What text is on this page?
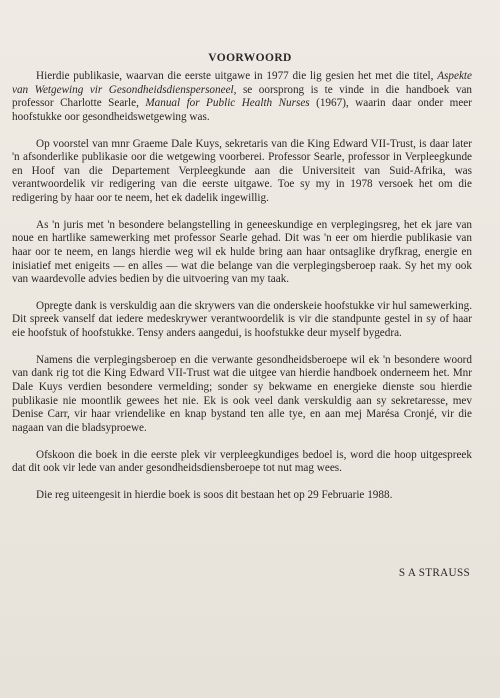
VOORWOORD

Hierdie publikasie, waarvan die eerste uitgawe in 1977 die lig gesien het met die titel, Aspekte van Wetgewing vir Gesondheidsdienspersoneel, se oorsprong is te vinde in die handboek van professor Charlotte Searle, Manual for Public Health Nurses (1967), waarin daar onder meer hoofstukke oor gesondheidswetgewing was.

Op voorstel van mnr Graeme Dale Kuys, sekretaris van die King Edward VII-Trust, is daar later 'n afsonderlike publikasie oor die wetgewing voorberei. Professor Searle, professor in Verpleegkunde en Hoof van die Departement Verpleegkunde aan die Universiteit van Suid-Afrika, was verantwoordelik vir redigering van die eerste uitgawe. Toe sy my in 1978 versoek het om die redigering by haar oor te neem, het ek dadelik ingewillig.

As 'n juris met 'n besondere belangstelling in geneeskundige en verplegingsreg, het ek jare van noue en hartlike samewerking met professor Searle gehad. Dit was 'n eer om hierdie publikasie van haar oor te neem, en langs hierdie weg wil ek hulde bring aan haar ontsaglike dryfkrag, energie en inisiatief met enigeits — en alles — wat die belange van die verplegingsberoep raak. Sy het my ook van waardevolle advies bedien by die uitvoering van my taak.

Opregte dank is verskuldig aan die skrywers van die onderskeie hoofstukke vir hul samewerking. Dit spreek vanself dat iedere medeskrywer verantwoordelik is vir die standpunte gestel in sy of haar eie hoofstuk of hoofstukke. Tensy anders aangedui, is hoofstukke deur myself bygedra.

Namens die verplegingsberoep en die verwante gesondheidsberoepe wil ek 'n besondere woord van dank rig tot die King Edward VII-Trust wat die uitgee van hierdie handboek onderneem het. Mnr Dale Kuys verdien besondere vermelding; sonder sy bekwame en energieke dienste sou hierdie publikasie nie moontlik gewees het nie. Ek is ook veel dank verskuldig aan sy sekretaresse, mev Denise Carr, vir haar vriendelike en knap bystand ten alle tye, en aan mej Marésa Cronjé, vir die nagaan van die bladsyproewe.

Ofskoon die boek in die eerste plek vir verpleegkundiges bedoel is, word die hoop uitgespreek dat dit ook vir lede van ander gesondheidsdiensberoepe tot nut mag wees.

Die reg uiteengesit in hierdie boek is soos dit bestaan het op 29 Februarie 1988.

S A STRAUSS
